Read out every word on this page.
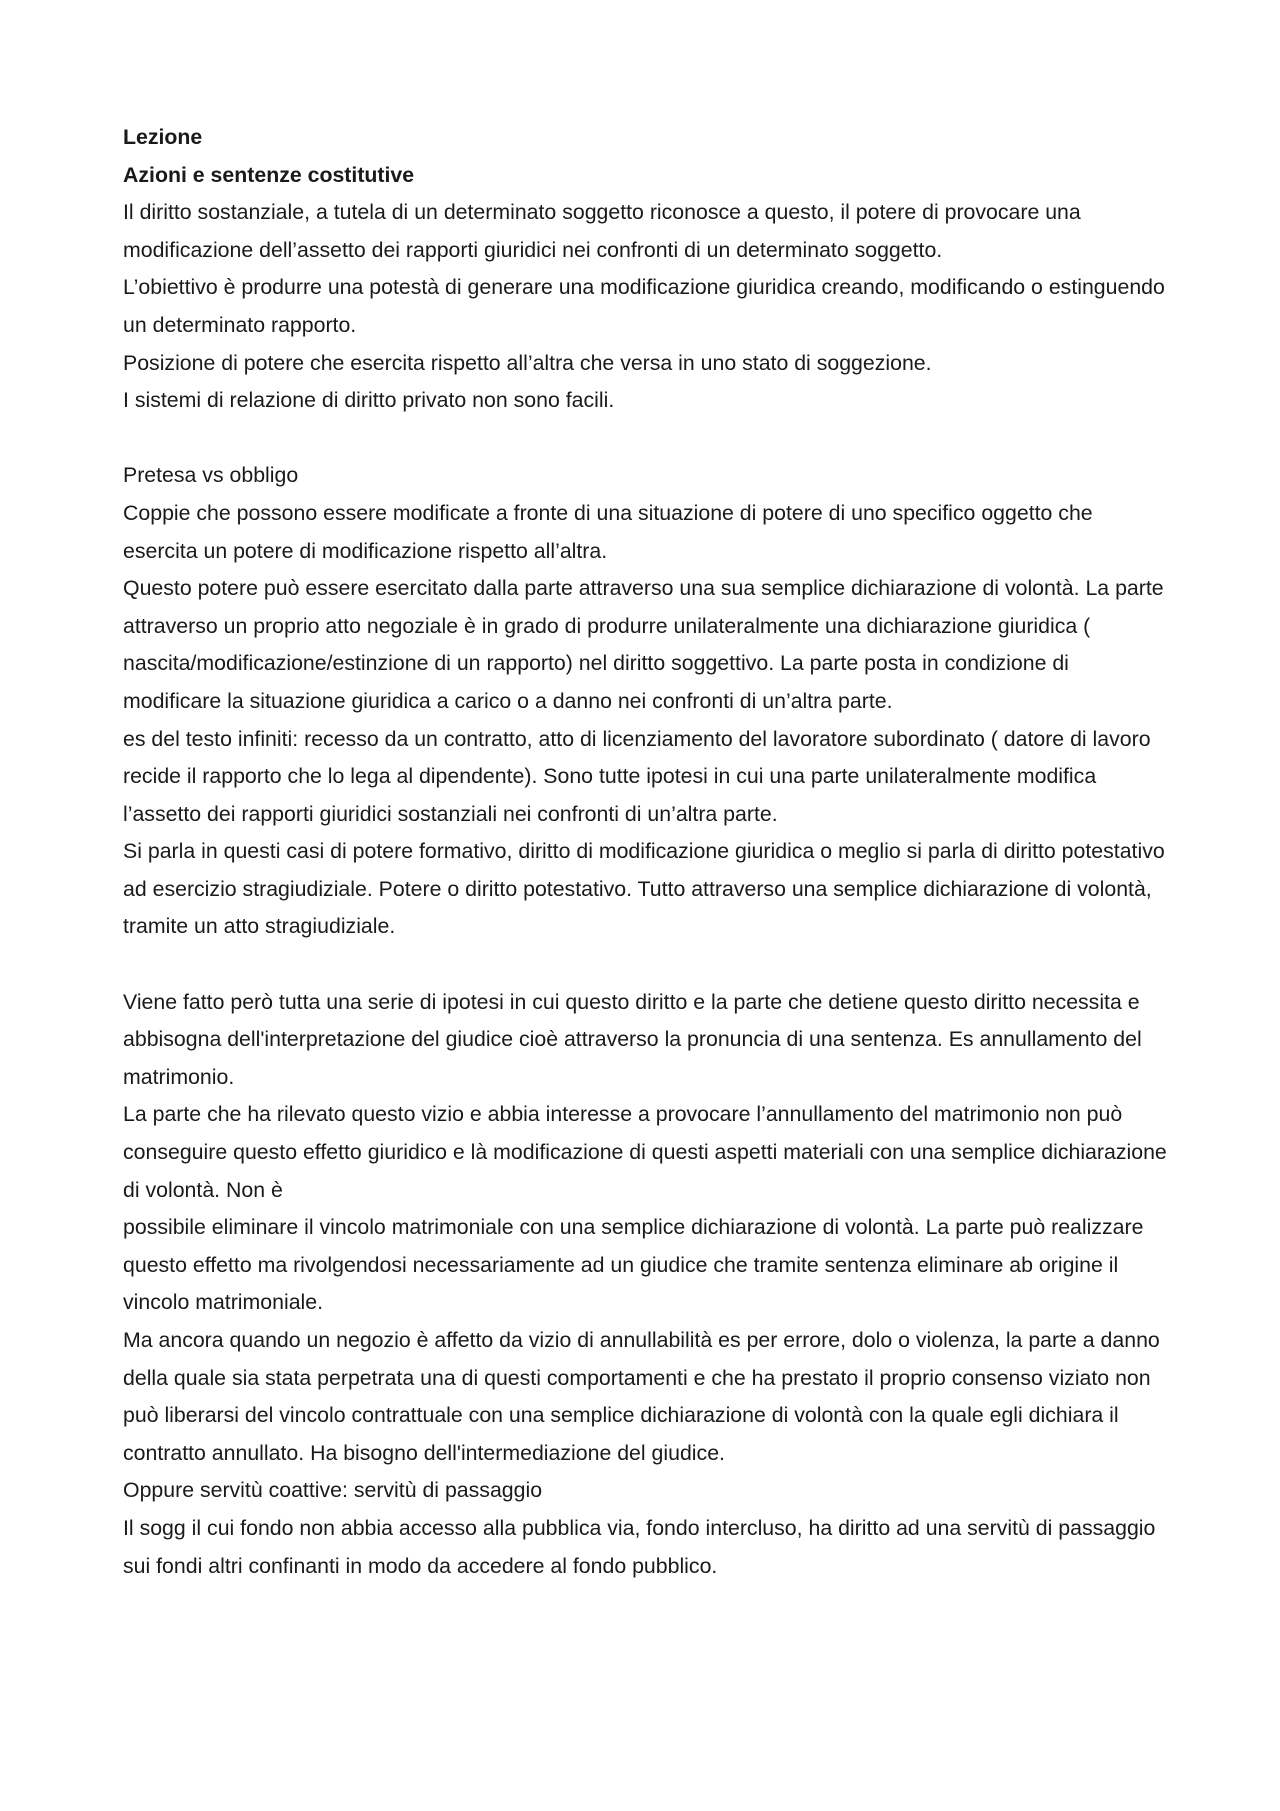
Lezione

Azioni e sentenze costitutive

Il diritto sostanziale, a tutela di un determinato soggetto riconosce a questo, il potere di provocare una modificazione dell’assetto dei rapporti giuridici nei confronti di un determinato soggetto.

L’obiettivo è produrre una potestà di generare una modificazione giuridica creando, modificando o estinguendo un determinato rapporto.

Posizione di potere che esercita rispetto all’altra che versa in uno stato di soggezione.

I sistemi di relazione di diritto privato non sono facili.

Pretesa vs obbligo

Coppie che possono essere modificate a fronte di una situazione di potere di uno specifico oggetto che esercita un potere di modificazione rispetto all’altra.

Questo potere può essere esercitato dalla parte attraverso una sua semplice dichiarazione di volontà. La parte attraverso un proprio atto negoziale è in grado di produrre unilateralmente una dichiarazione giuridica ( nascita/modificazione/estinzione di un rapporto) nel diritto soggettivo. La parte posta in condizione di modificare la situazione giuridica a carico o a danno nei confronti di un’altra parte.

es del testo infiniti: recesso da un contratto, atto di licenziamento del lavoratore subordinato ( datore di lavoro recide il rapporto che lo lega al dipendente). Sono tutte ipotesi in cui una parte unilateralmente modifica l’assetto dei rapporti giuridici sostanziali nei confronti di un’altra parte.

Si parla in questi casi di potere formativo, diritto di modificazione giuridica o meglio si parla di diritto potestativo ad esercizio stragiudiziale. Potere o diritto potestativo. Tutto attraverso una semplice dichiarazione di volontà, tramite un atto stragiudiziale.

Viene fatto però tutta una serie di ipotesi in cui questo diritto e la parte che detiene questo diritto necessita e abbisogna dell'interpretazione del giudice cioè attraverso la pronuncia di una sentenza. Es annullamento del matrimonio.

La parte che ha rilevato questo vizio e abbia interesse a provocare l’annullamento del matrimonio non può conseguire questo effetto giuridico e là modificazione di questi aspetti materiali con una semplice dichiarazione di volontà. Non è

possibile eliminare il vincolo matrimoniale con una semplice dichiarazione di volontà. La parte può realizzare questo effetto ma rivolgendosi necessariamente ad un giudice che tramite sentenza eliminare ab origine il vincolo matrimoniale.

Ma ancora quando un negozio è affetto da vizio di annullabilità es per errore, dolo o violenza, la parte a danno della quale sia stata perpetrata una di questi comportamenti e che ha prestato il proprio consenso viziato non può liberarsi del vincolo contrattuale con una semplice dichiarazione di volontà con la quale egli dichiara il contratto annullato. Ha bisogno dell'intermediazione del giudice.

Oppure servitù coattive: servitù di passaggio

Il sogg il cui fondo non abbia accesso alla pubblica via, fondo intercluso, ha diritto ad una servitù di passaggio sui fondi altri confinanti in modo da accedere al fondo pubblico.
